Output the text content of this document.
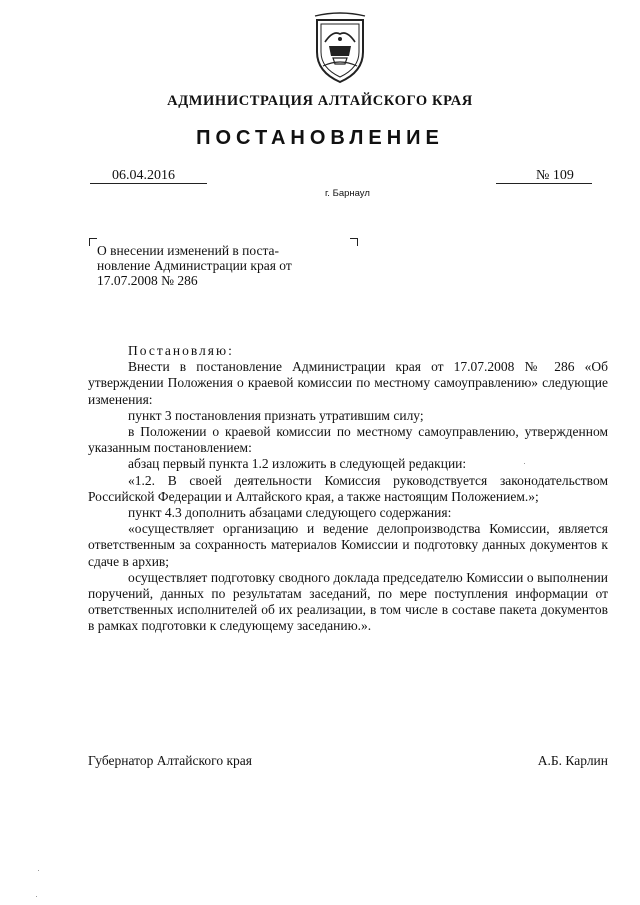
АДМИНИСТРАЦИЯ АЛТАЙСКОГО КРАЯ
ПОСТАНОВЛЕНИЕ
06.04.2016	№ 109
г. Барнаул
О внесении изменений в поста-
новление Администрации края от
17.07.2008 № 286

Постановляю:

Внести в постановление Администрации края от 17.07.2008 № 286 «Об утверждении Положения о краевой комиссии по местному самоуправлению» следующие изменения:

пункт 3 постановления признать утратившим силу;

в Положении о краевой комиссии по местному самоуправлению, утвержденном указанным постановлением:

абзац первый пункта 1.2 изложить в следующей редакции:

«1.2. В своей деятельности Комиссия руководствуется законодательством Российской Федерации и Алтайского края, а также настоящим Положением.»;

пункт 4.3 дополнить абзацами следующего содержания:

«осуществляет организацию и ведение делопроизводства Комиссии, является ответственным за сохранность материалов Комиссии и подготовку данных документов к сдаче в архив;

осуществляет подготовку сводного доклада председателю Комиссии о выполнении поручений, данных по результатам заседаний, по мере поступления информации от ответственных исполнителей об их реализации, в том числе в составе пакета документов в рамках подготовки к следующему заседанию.».

Губернатор Алтайского края	А.Б. Карлин
